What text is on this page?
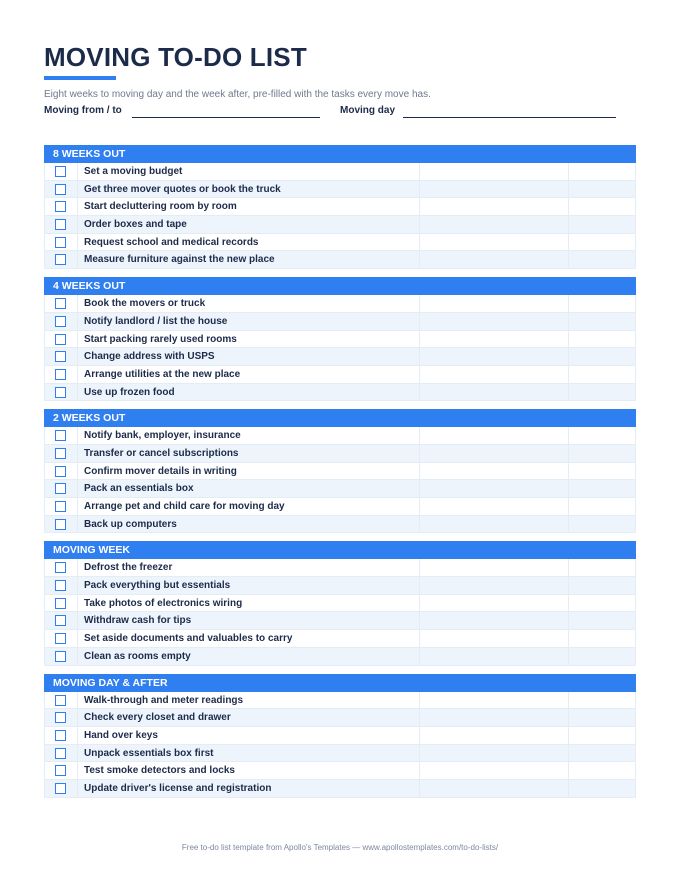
MOVING TO-DO LIST
Eight weeks to moving day and the week after, pre-filled with the tasks every move has.
Moving from / to	Moving day
8 WEEKS OUT
Set a moving budget
Get three mover quotes or book the truck
Start decluttering room by room
Order boxes and tape
Request school and medical records
Measure furniture against the new place
4 WEEKS OUT
Book the movers or truck
Notify landlord / list the house
Start packing rarely used rooms
Change address with USPS
Arrange utilities at the new place
Use up frozen food
2 WEEKS OUT
Notify bank, employer, insurance
Transfer or cancel subscriptions
Confirm mover details in writing
Pack an essentials box
Arrange pet and child care for moving day
Back up computers
MOVING WEEK
Defrost the freezer
Pack everything but essentials
Take photos of electronics wiring
Withdraw cash for tips
Set aside documents and valuables to carry
Clean as rooms empty
MOVING DAY & AFTER
Walk-through and meter readings
Check every closet and drawer
Hand over keys
Unpack essentials box first
Test smoke detectors and locks
Update driver's license and registration
Free to-do list template from Apollo's Templates — www.apollostemplates.com/to-do-lists/
